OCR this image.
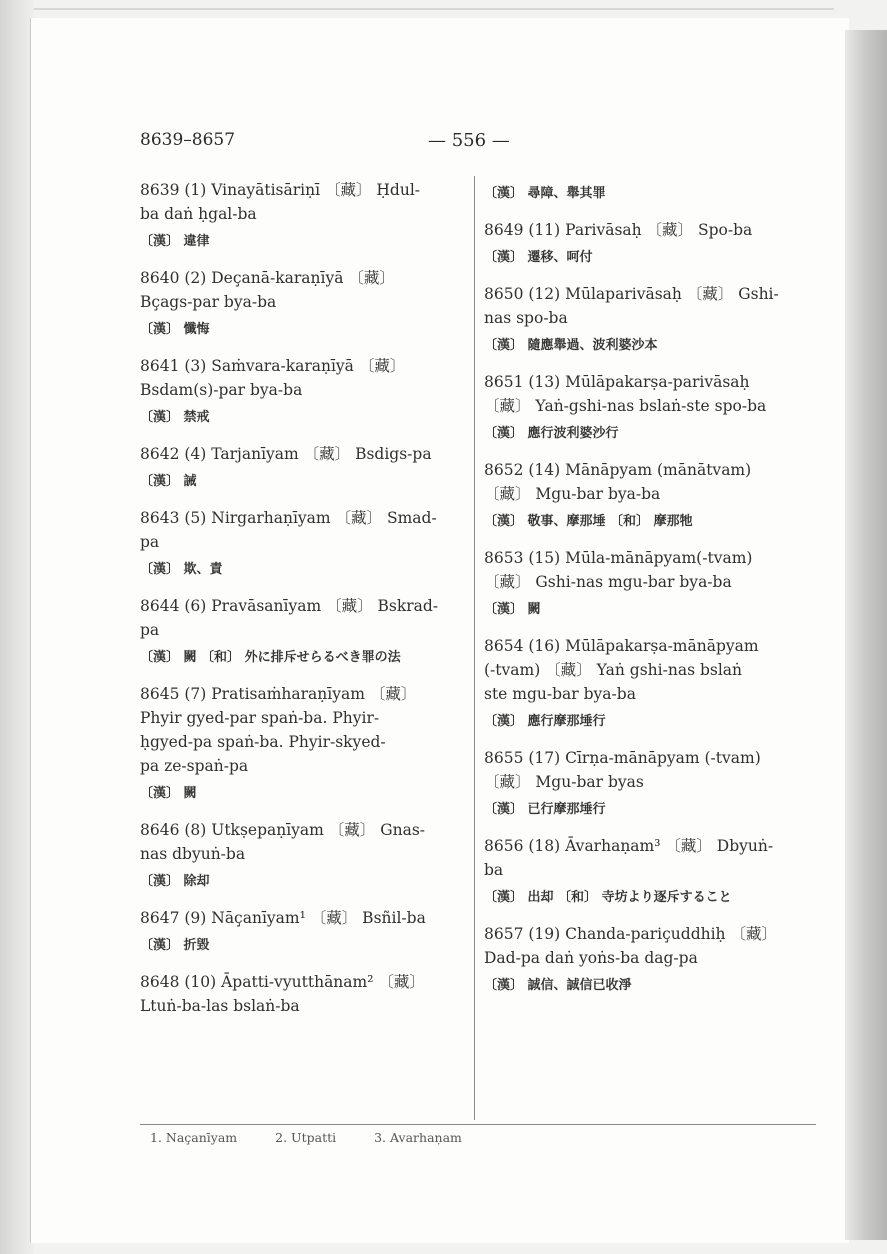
8639–8657	— 556 —
8639 (1) Vinayātisāriṇī 〔藏〕 Ḥdul-
ba daṅ ḥgal-ba
〔漢〕 違律
8640 (2) Deçanā-karaṇīyā 〔藏〕
Bçags-par bya-ba
〔漢〕 懺悔
8641 (3) Saṁvara-karaṇīyā 〔藏〕
Bsdam(s)-par bya-ba
〔漢〕 禁戒
8642 (4) Tarjanīyam 〔藏〕 Bsdigs-pa
〔漢〕 誡
8643 (5) Nirgarhaṇīyam 〔藏〕 Smad-
pa
〔漢〕 欺、責
8644 (6) Pravāsanīyam 〔藏〕 Bskrad-
pa
〔漢〕 闕 〔和〕 外に排斥せらるべき罪の法
8645 (7) Pratisaṁharaṇīyam 〔藏〕
Phyir gyed-par spaṅ-ba. Phyir-
ḥgyed-pa spaṅ-ba. Phyir-skyed-
pa ze-spaṅ-pa
〔漢〕 闕
8646 (8) Utkṣepaṇīyam 〔藏〕 Gnas-
nas dbyuṅ-ba
〔漢〕 除却
8647 (9) Nāçanīyam¹ 〔藏〕 Bsñil-ba
〔漢〕 折毀
8648 (10) Āpatti-vyutthānam² 〔藏〕
Ltuṅ-ba-las bslaṅ-ba
〔漢〕 尋障、舉其罪
8649 (11) Parivāsaḥ 〔藏〕 Spo-ba
〔漢〕 遷移、呵付
8650 (12) Mūlaparivāsaḥ 〔藏〕 Gshi-
nas spo-ba
〔漢〕 隨應舉過、波利婆沙本
8651 (13) Mūlāpakarṣa-parivāsaḥ
〔藏〕 Yaṅ-gshi-nas bslaṅ-ste spo-ba
〔漢〕 應行波利婆沙行
8652 (14) Mānāpyam (mānātvam)
〔藏〕 Mgu-bar bya-ba
〔漢〕 敬事、摩那埵 〔和〕 摩那牠
8653 (15) Mūla-mānāpyam(-tvam)
〔藏〕 Gshi-nas mgu-bar bya-ba
〔漢〕 闕
8654 (16) Mūlāpakarṣa-mānāpyam
(-tvam) 〔藏〕 Yaṅ gshi-nas bslaṅ
ste mgu-bar bya-ba
〔漢〕 應行摩那埵行
8655 (17) Cīrṇa-mānāpyam (-tvam)
〔藏〕 Mgu-bar byas
〔漢〕 已行摩那埵行
8656 (18) Āvarhaṇam³ 〔藏〕 Dbyuṅ-
ba
〔漢〕 出却 〔和〕 寺坊より逐斥すること
8657 (19) Chanda-pariçuddhiḥ 〔藏〕
Dad-pa daṅ yoṅs-ba dag-pa
〔漢〕 誠信、誠信已收淨
1. Naçanīyam	2. Utpatti	3. Avarhaṇam
